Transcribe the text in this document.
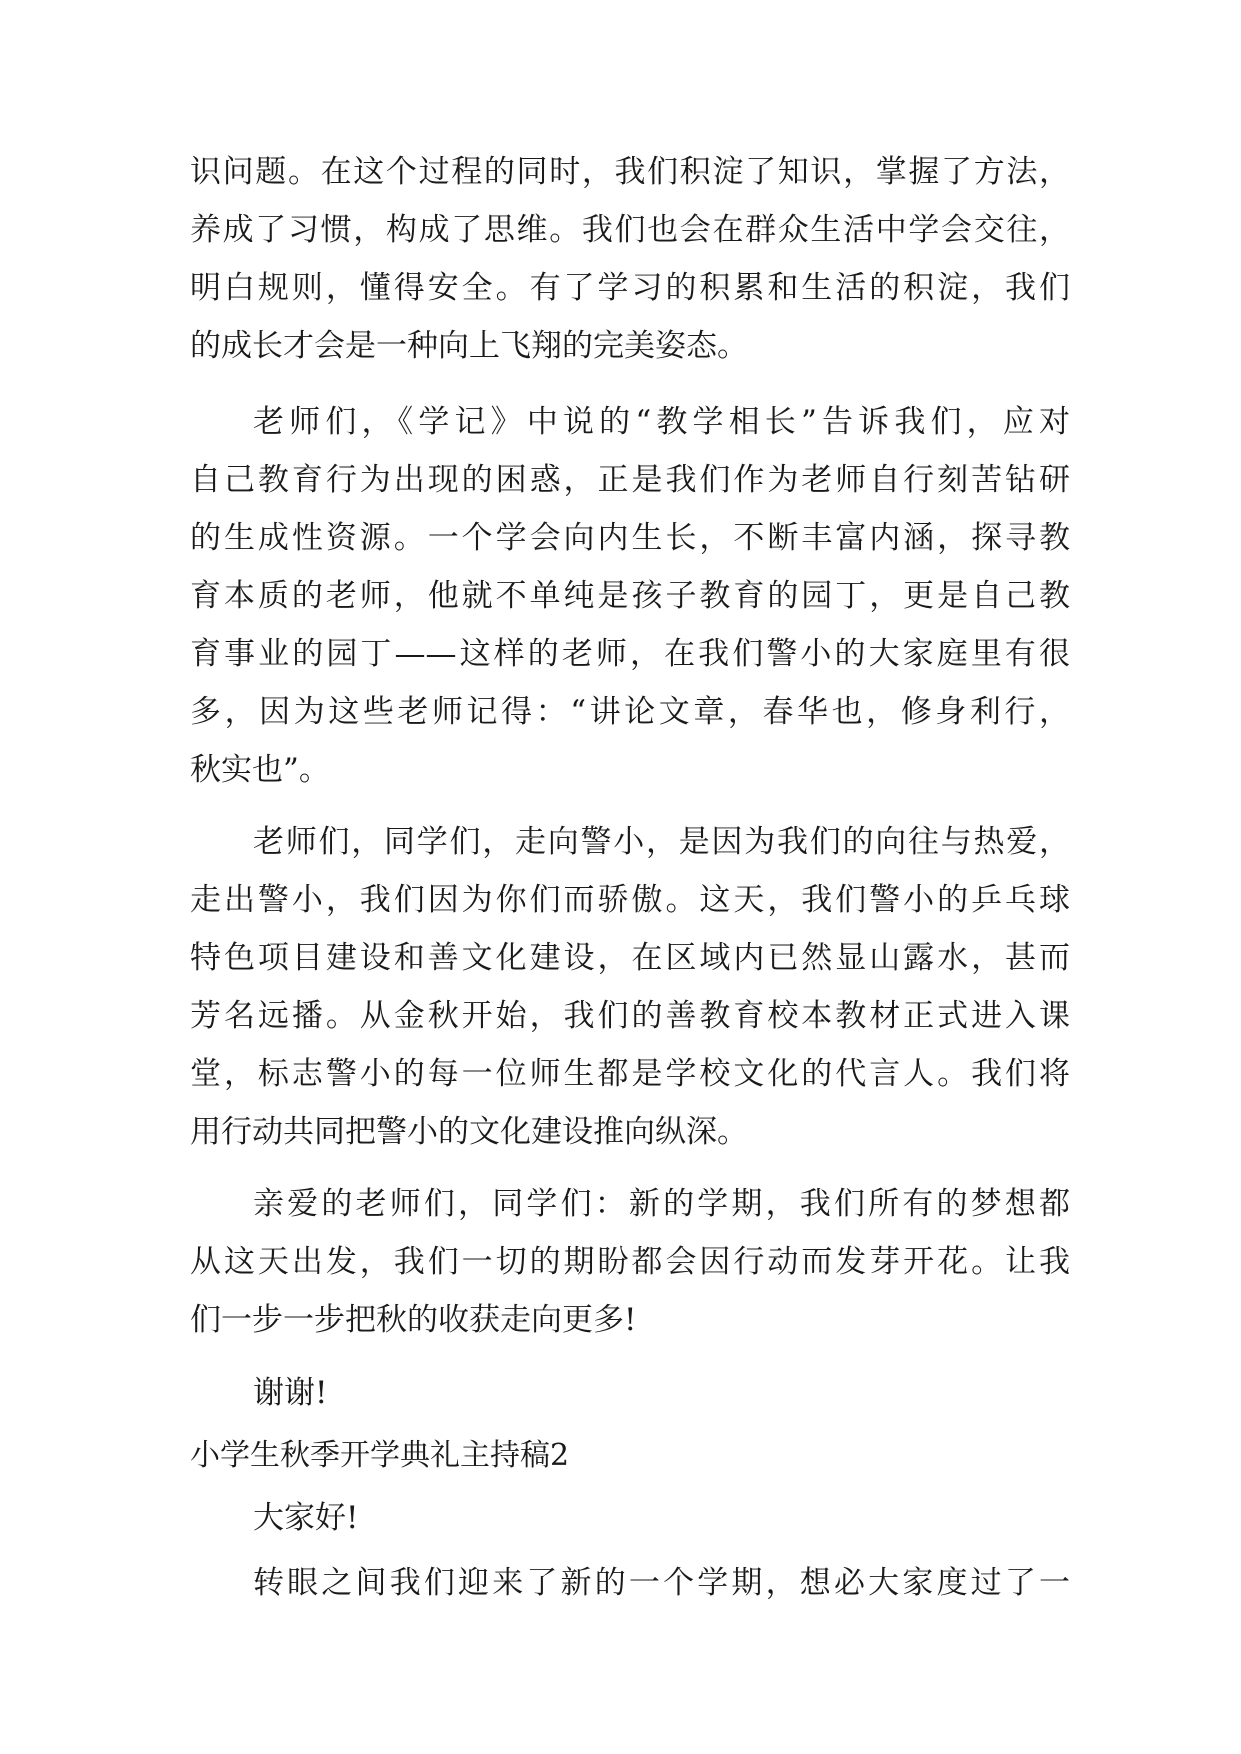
识问题。在这个过程的同时，我们积淀了知识，掌握了方法，
养成了习惯，构成了思维。我们也会在群众生活中学会交往，
明白规则，懂得安全。有了学习的积累和生活的积淀，我们
的成长才会是一种向上飞翔的完美姿态。
老师们，《学记》中说的“教学相长”告诉我们，应对
自己教育行为出现的困惑，正是我们作为老师自行刻苦钻研
的生成性资源。一个学会向内生长，不断丰富内涵，探寻教
育本质的老师，他就不单纯是孩子教育的园丁，更是自己教
育事业的园丁——这样的老师，在我们警小的大家庭里有很
多，因为这些老师记得：“讲论文章，春华也，修身利行，
秋实也”。
老师们，同学们，走向警小，是因为我们的向往与热爱，
走出警小，我们因为你们而骄傲。这天，我们警小的乒乓球
特色项目建设和善文化建设，在区域内已然显山露水，甚而
芳名远播。从金秋开始，我们的善教育校本教材正式进入课
堂，标志警小的每一位师生都是学校文化的代言人。我们将
用行动共同把警小的文化建设推向纵深。
亲爱的老师们，同学们：新的学期，我们所有的梦想都
从这天出发，我们一切的期盼都会因行动而发芽开花。让我
们一步一步把秋的收获走向更多!
谢谢!
小学生秋季开学典礼主持稿2
大家好!
转眼之间我们迎来了新的一个学期，想必大家度过了一
